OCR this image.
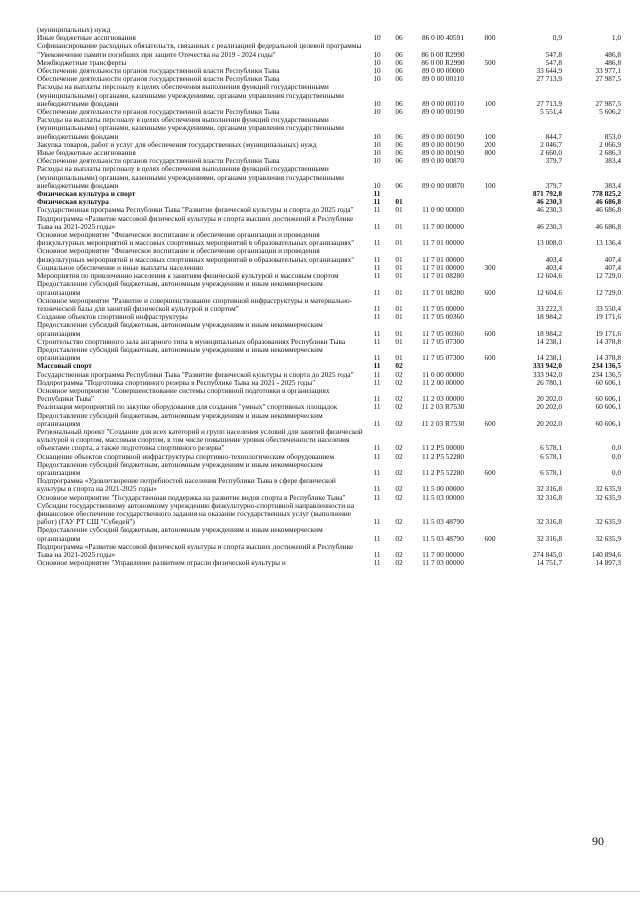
(муниципальных) нужд						
Иные бюджетные ассигнования	10	06	86 0 00 40591	800	0,9	1,0
Софинансирование расходных обязательств, связанных с реализацией федеральной целевой программы "Увековечение памяти погибших при защите Отечества на 2019 - 2024 годы"	10	06	86 0 00 R2990		547,8	486,8
Межбюджетные трансферты	10	06	86 0 00 R2990	500	547,8	486,8
Обеспечение деятельности органов государственной власти Республики Тыва	10	06	89 0 00 00000		33 644,9	33 977,1
Обеспечение деятельности органов государственной власти Республики Тыва	10	06	89 0 00 00110		27 713,9	27 987,5
Расходы на выплаты персоналу в целях обеспечения выполнения функций государственными (муниципальными) органами, казенными учреждениями, органами управления государственными внебюджетными фондами	10	06	89 0 00 00110	100	27 713,9	27 987,5
Обеспечение деятельности органов государственной власти Республики Тыва	10	06	89 0 00 00190		5 551,4	5 606,2
Расходы на выплаты персоналу в целях обеспечения выполнения функций государственными (муниципальными) органами, казенными учреждениями, органами управления государственными внебюджетными фондами	10	06	89 0 00 00190	100	844,7	853,0
Закупка товаров, работ и услуг для обеспечения государственных (муниципальных) нужд	10	06	89 0 00 00190	200	2 046,7	2 066,9
Иные бюджетные ассигнования	10	06	89 0 00 00190	800	2 660,0	2 686,3
Обеспечение деятельности органов государственной власти Республики Тыва	10	06	89 0 00 00870		379,7	383,4
Расходы на выплаты персоналу в целях обеспечения выполнения функций государственными (муниципальными) органами, казенными учреждениями, органами управления государственными внебюджетными фондами	10	06	89 0 00 00870	100	379,7	383,4
Физическая культура и спорт	11				871 792,8	778 825,2
Физическая культура	11	01			46 230,3	46 686,8
Государственная программа Республики Тыва "Развитие физической культуры и спорта до 2025 года"	11	01	11 0 00 00000		46 230,3	46 686,8
Подпрограмма «Развитие массовой физической культуры и спорта высших достижений в Республике Тыва на 2021-2025 годы»	11	01	11 7 00 00000		46 230,3	46 686,8
Основное мероприятие "Физическое воспитание и обеспечение организации и проведения физкультурных мероприятий и массовых спортивных мероприятий в образовательных организациях"	11	01	11 7 01 00000		13 008,0	13 136,4
Основное мероприятие "Физическое воспитание и обеспечение организации и проведения физкультурных мероприятий и массовых спортивных мероприятий в образовательных организациях"	11	01	11 7 01 00000		403,4	407,4
Социальное обеспечение и иные выплаты населению	11	01	11 7 01 00000	300	403,4	407,4
Мероприятия по привлечению населения к занятиям физической культурой и массовым спортом	11	01	11 7 01 08280		12 604,6	12 729,0
Предоставление субсидий бюджетным, автономным учреждениям и иным некоммерческим организациям	11	01	11 7 01 08280	600	12 604,6	12 729,0
Основное мероприятие "Развитие и совершенствование спортивной инфраструктуры и материально-технической базы для занятий физической культурой и спортом"	11	01	11 7 05 00000		33 222,3	33 550,4
Создание объектов спортивной инфраструктуры	11	01	11 7 05 00360		18 984,2	19 171,6
Предоставление субсидий бюджетным, автономным учреждениям и иным некоммерческим организациям	11	01	11 7 05 00360	600	18 984,2	19 171,6
Строительство спортивного зала ангарного типа в муниципальных образованиях Республики Тыва	11	01	11 7 05 07300		14 238,1	14 378,8
Предоставление субсидий бюджетным, автономным учреждениям и иным некоммерческим организациям	11	01	11 7 05 07300	600	14 238,1	14 378,8
Массовый спорт	11	02			333 942,0	234 136,5
Государственная программа Республики Тыва "Развитие физической культуры и спорта до 2025 года"	11	02	11 0 00 00000		333 942,0	234 136,5
Подпрограмма "Подготовка спортивного резерва в Республике Тыва на 2021 - 2025 годы"	11	02	11 2 00 00000		26 780,1	60 606,1
Основное мероприятие "Совершенствование системы спортивной подготовки в организациях Республики Тыва"	11	02	11 2 03 00000		20 202,0	60 606,1
Реализация мероприятий по закупке оборудования для создания "умных" спортивных площадок	11	02	11 2 03 R7530		20 202,0	60 606,1
Предоставление субсидий бюджетным, автономным учреждениям и иным некоммерческим организациям	11	02	11 2 03 R7530	600	20 202,0	60 606,1
Региональный проект "Создание для всех категорий и групп населения условий для занятий физической культурой и спортом, массовым спортом, в том числе повышение уровня обеспеченности населения объектами спорта, а также подготовка спортивного резерва"	11	02	11 2 P5 00000		6 578,1	0,0
Оснащение объектов спортивной инфраструктуры спортивно-технологическим оборудованием	11	02	11 2 P5 52280		6 578,1	0,0
Предоставление субсидий бюджетным, автономным учреждениям и иным некоммерческим организациям	11	02	11 2 P5 52280	600	6 578,1	0,0
Подпрограмма «Удовлетворение потребностей населения Республики Тыва в сфере физической культуры и спорта на 2021-2025 годы»	11	02	11 5 00 00000		32 316,8	32 635,9
Основное мероприятие "Государственная поддержка на развитие видов спорта в Республике Тыва"	11	02	11 5 03 00000		32 316,8	32 635,9
Субсидии государственному автономному учреждению физкультурно-спортивной направленности на финансовое обеспечение государственного задания на оказание государственных услуг (выполнение работ) (ГАУ РТ СШ "Субедей")	11	02	11 5 03 48790		32 316,8	32 635,9
Предоставление субсидий бюджетным, автономным учреждениям и иным некоммерческим организациям	11	02	11 5 03 48790	600	32 316,8	32 635,9
Подпрограмма «Развитие массовой физической культуры и спорта высших достижений в Республике Тыва на 2021-2025 годы»	11	02	11 7 00 00000		274 845,0	140 894,6
Основное мероприятие "Управление развитием отрасли физической культуры и	11	02	11 7 03 00000		14 751,7	14 897,3
90
